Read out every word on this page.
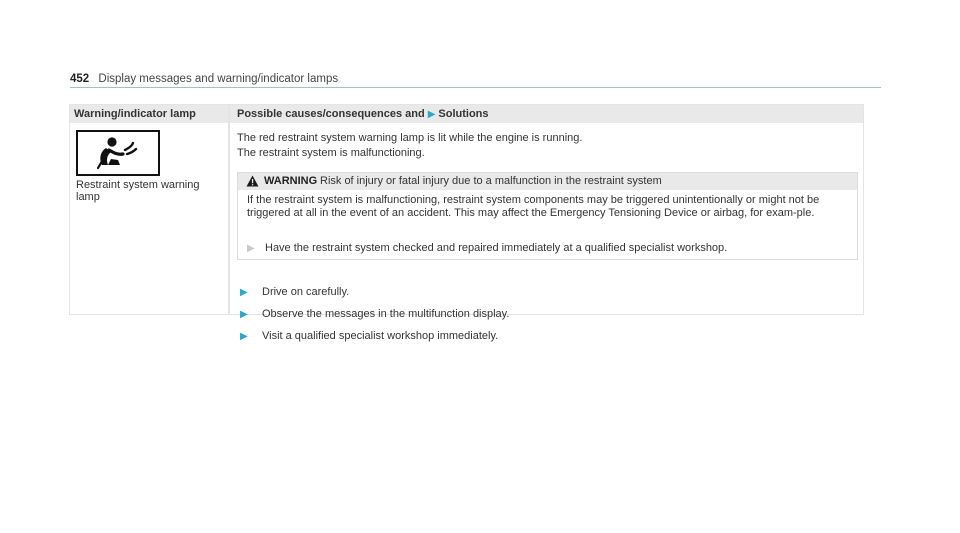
452 Display messages and warning/indicator lamps
Warning/indicator lamp	Possible causes/consequences and ▶ Solutions
Restraint system warning lamp
The red restraint system warning lamp is lit while the engine is running.
The restraint system is malfunctioning.
WARNING Risk of injury or fatal injury due to a malfunction in the restraint system
If the restraint system is malfunctioning, restraint system components may be triggered unintentionally or might not be triggered at all in the event of an accident. This may affect the Emergency Tensioning Device or airbag, for exam-ple.
▶ Have the restraint system checked and repaired immediately at a qualified specialist workshop.
▶ Drive on carefully.
▶ Observe the messages in the multifunction display.
▶ Visit a qualified specialist workshop immediately.
